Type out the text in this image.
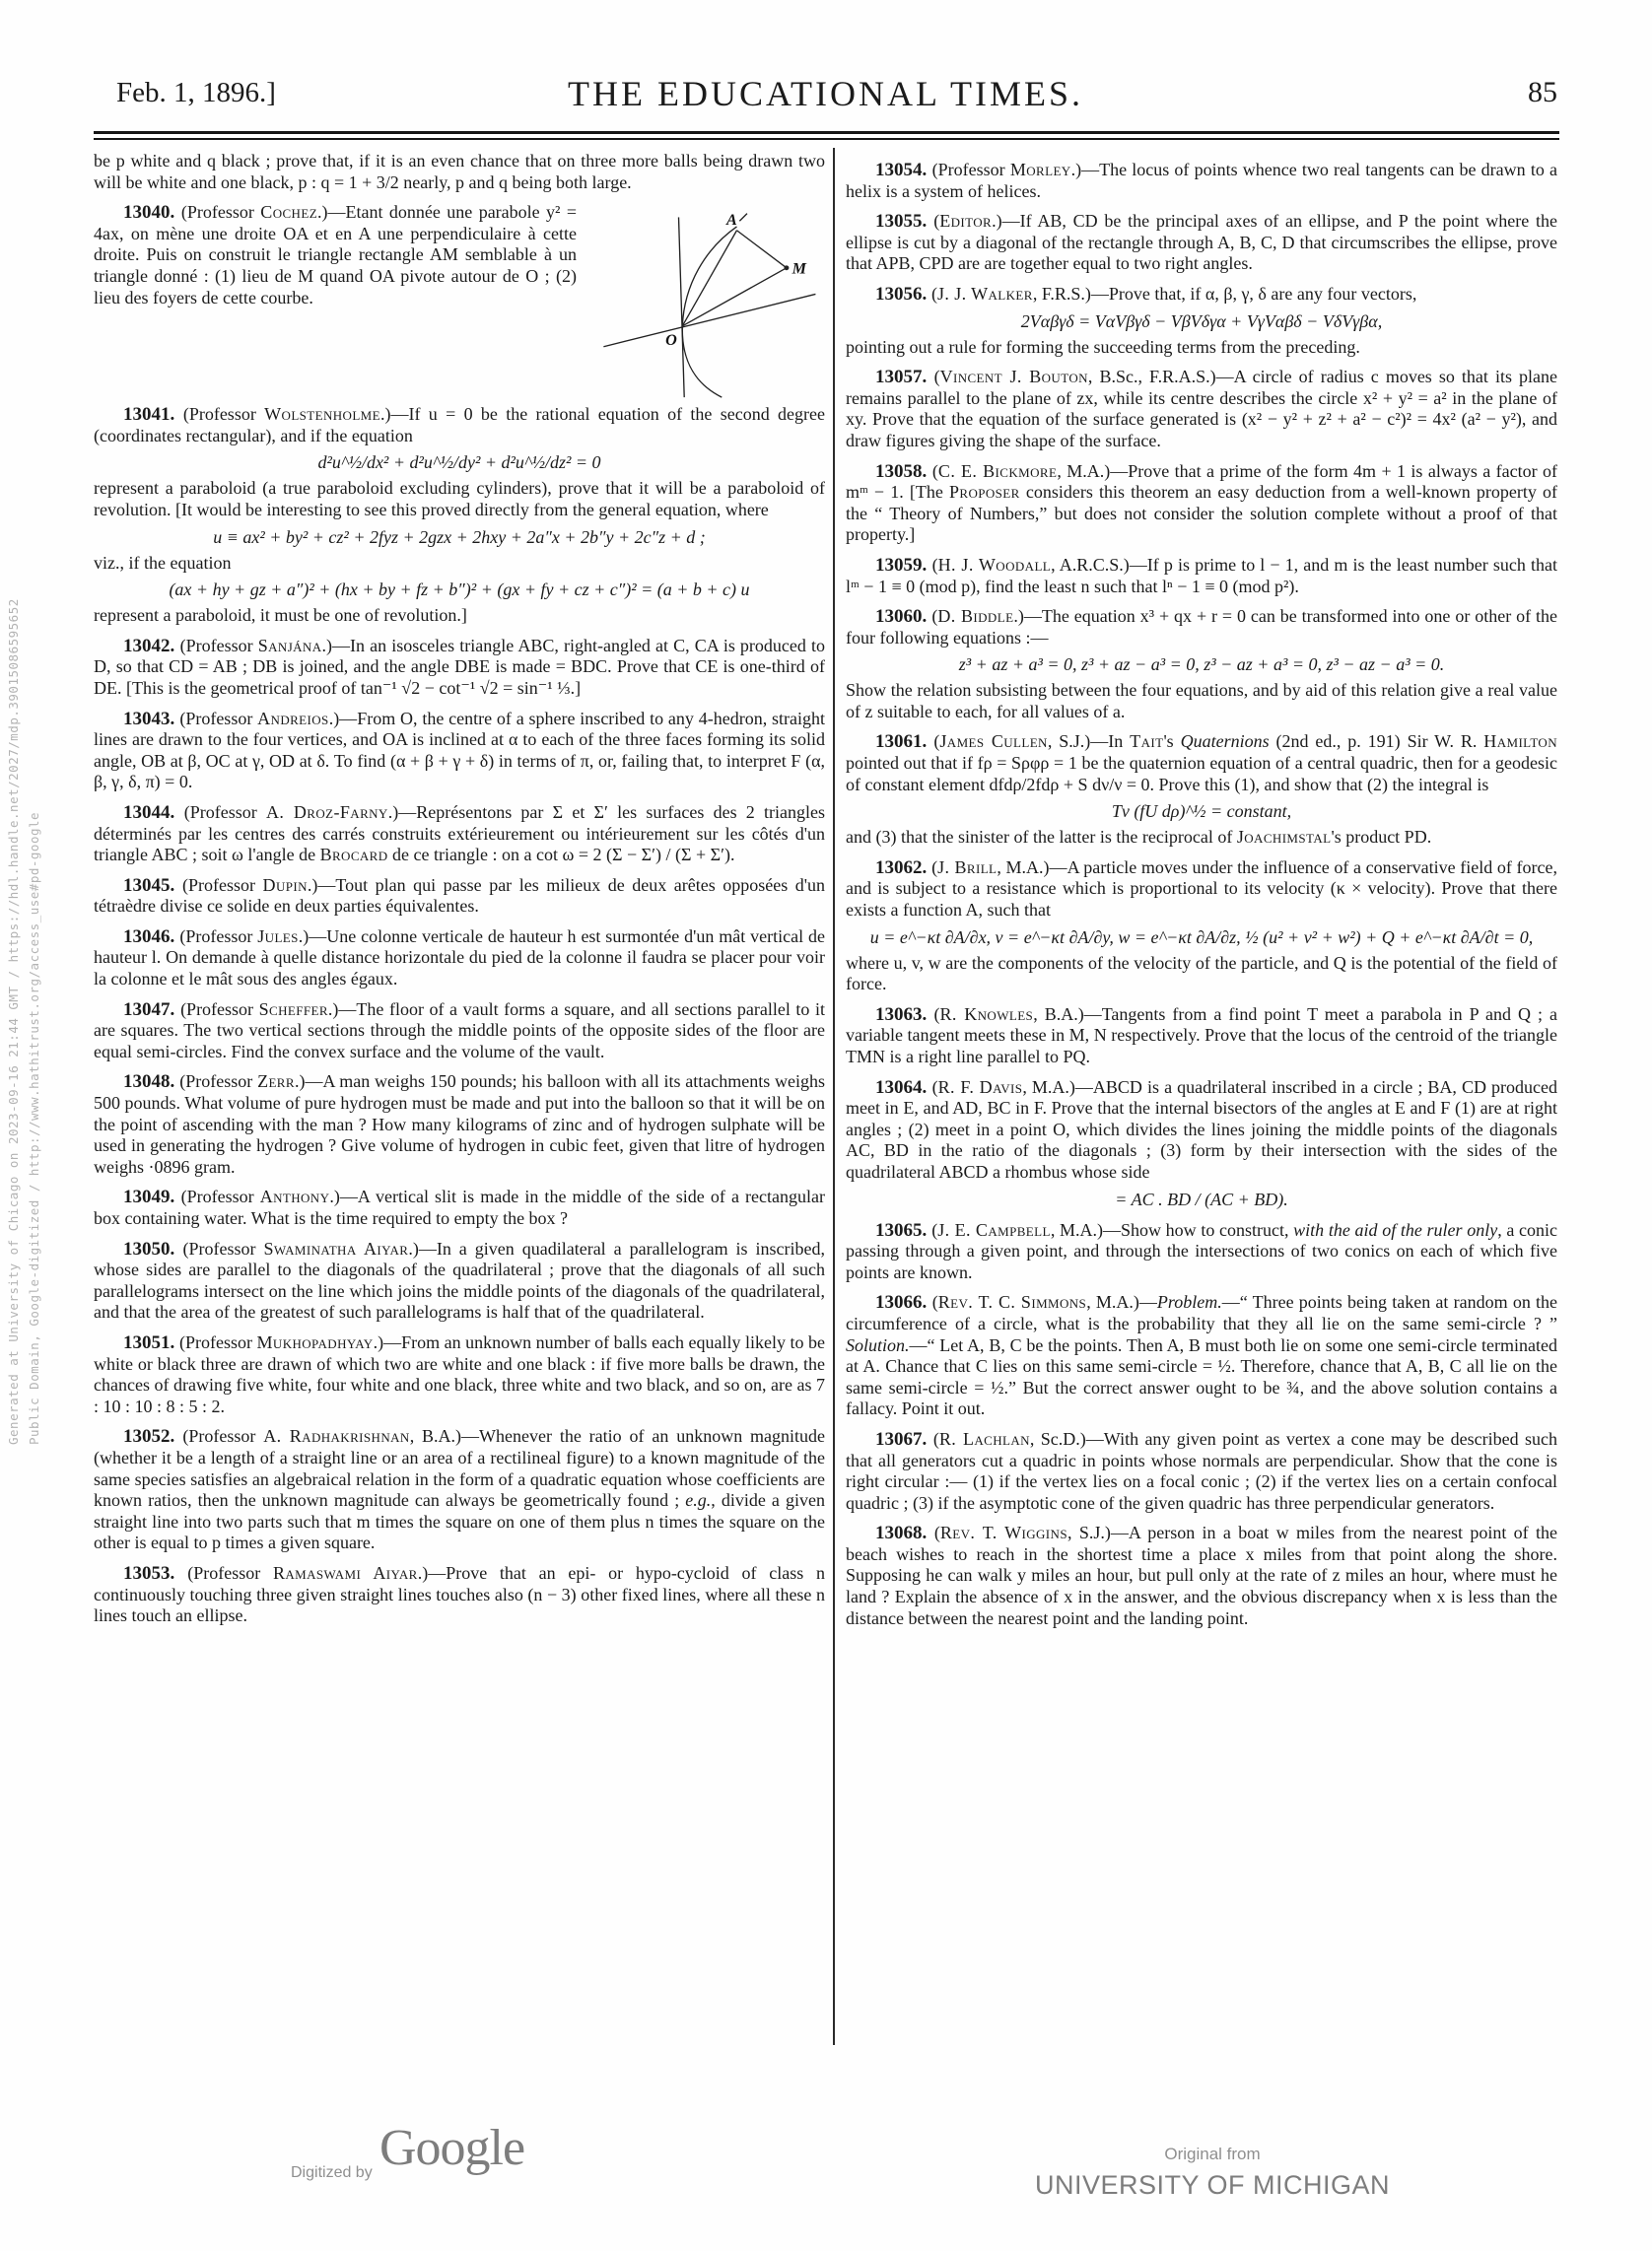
Generated at University of Chicago on 2023-09-16 21:44 GMT / https://hdl.handle.net/2027/mdp.39015086595652 Public Domain, Google-digitized / http://www.hathitrust.org/access_use#pd-google
Feb. 1, 1896.]	THE EDUCATIONAL TIMES.	85
be p white and q black ; prove that, if it is an even chance that on three more balls being drawn two will be white and one black, p : q = 1 + 3/2 nearly, p and q being both large.
A
M
O
13040. (Professor Cochez.)—Etant donnée une parabole y² = 4ax, on mène une droite OA et en A une perpendiculaire à cette droite. Puis on construit le triangle rectangle AM semblable à un triangle donné : (1) lieu de M quand OA pivote autour de O ; (2) lieu des foyers de cette courbe.
13041. (Professor Wolstenholme.)—If u = 0 be the rational equation of the second degree (coordinates rectangular), and if the equation
d²u^½/dx² + d²u^½/dy² + d²u^½/dz² = 0
represent a paraboloid (a true paraboloid excluding cylinders), prove that it will be a paraboloid of revolution. [It would be interesting to see this proved directly from the general equation, where
u ≡ ax² + by² + cz² + 2fyz + 2gzx + 2hxy + 2a″x + 2b″y + 2c″z + d ;
viz., if the equation
(ax + hy + gz + a″)² + (hx + by + fz + b″)² + (gx + fy + cz + c″)² = (a + b + c) u
represent a paraboloid, it must be one of revolution.]
13042. (Professor Sanjána.)—In an isosceles triangle ABC, right-angled at C, CA is produced to D, so that CD = AB ; DB is joined, and the angle DBE is made = BDC. Prove that CE is one-third of DE. [This is the geometrical proof of tan⁻¹ √2 − cot⁻¹ √2 = sin⁻¹ ⅓.]
13043. (Professor Andreios.)—From O, the centre of a sphere inscribed to any 4-hedron, straight lines are drawn to the four vertices, and OA is inclined at α to each of the three faces forming its solid angle, OB at β, OC at γ, OD at δ. To find (α + β + γ + δ) in terms of π, or, failing that, to interpret F (α, β, γ, δ, π) = 0.
13044. (Professor A. Droz-Farny.)—Représentons par Σ et Σ′ les surfaces des 2 triangles déterminés par les centres des carrés construits extérieurement ou intérieurement sur les côtés d'un triangle ABC ; soit ω l'angle de Brocard de ce triangle : on a cot ω = 2 (Σ − Σ′) / (Σ + Σ′).
13045. (Professor Dupin.)—Tout plan qui passe par les milieux de deux arêtes opposées d'un tétraèdre divise ce solide en deux parties équivalentes.
13046. (Professor Jules.)—Une colonne verticale de hauteur h est surmontée d'un mât vertical de hauteur l. On demande à quelle distance horizontale du pied de la colonne il faudra se placer pour voir la colonne et le mât sous des angles égaux.
13047. (Professor Scheffer.)—The floor of a vault forms a square, and all sections parallel to it are squares. The two vertical sections through the middle points of the opposite sides of the floor are equal semi-circles. Find the convex surface and the volume of the vault.
13048. (Professor Zerr.)—A man weighs 150 pounds; his balloon with all its attachments weighs 500 pounds. What volume of pure hydrogen must be made and put into the balloon so that it will be on the point of ascending with the man ? How many kilograms of zinc and of hydrogen sulphate will be used in generating the hydrogen ? Give volume of hydrogen in cubic feet, given that litre of hydrogen weighs ·0896 gram.
13049. (Professor Anthony.)—A vertical slit is made in the middle of the side of a rectangular box containing water. What is the time required to empty the box ?
13050. (Professor Swaminatha Aiyar.)—In a given quadilateral a parallelogram is inscribed, whose sides are parallel to the diagonals of the quadrilateral ; prove that the diagonals of all such parallelograms intersect on the line which joins the middle points of the diagonals of the quadrilateral, and that the area of the greatest of such parallelograms is half that of the quadrilateral.
13051. (Professor Mukhopadhyay.)—From an unknown number of balls each equally likely to be white or black three are drawn of which two are white and one black : if five more balls be drawn, the chances of drawing five white, four white and one black, three white and two black, and so on, are as 7 : 10 : 10 : 8 : 5 : 2.
13052. (Professor A. Radhakrishnan, B.A.)—Whenever the ratio of an unknown magnitude (whether it be a length of a straight line or an area of a rectilineal figure) to a known magnitude of the same species satisfies an algebraical relation in the form of a quadratic equation whose coefficients are known ratios, then the unknown magnitude can always be geometrically found ; e.g., divide a given straight line into two parts such that m times the square on one of them plus n times the square on the other is equal to p times a given square.
13053. (Professor Ramaswami Aiyar.)—Prove that an epi- or hypo-cycloid of class n continuously touching three given straight lines touches also (n − 3) other fixed lines, where all these n lines touch an ellipse.
13054. (Professor Morley.)—The locus of points whence two real tangents can be drawn to a helix is a system of helices.
13055. (Editor.)—If AB, CD be the principal axes of an ellipse, and P the point where the ellipse is cut by a diagonal of the rectangle through A, B, C, D that circumscribes the ellipse, prove that APB, CPD are are together equal to two right angles.
13056. (J. J. Walker, F.R.S.)—Prove that, if α, β, γ, δ are any four vectors,
2Vαβγδ = VαVβγδ − VβVδγα + VγVαβδ − VδVγβα,
pointing out a rule for forming the succeeding terms from the preceding.
13057. (Vincent J. Bouton, B.Sc., F.R.A.S.)—A circle of radius c moves so that its plane remains parallel to the plane of zx, while its centre describes the circle x² + y² = a² in the plane of xy. Prove that the equation of the surface generated is (x² − y² + z² + a² − c²)² = 4x² (a² − y²), and draw figures giving the shape of the surface.
13058. (C. E. Bickmore, M.A.)—Prove that a prime of the form 4m + 1 is always a factor of mᵐ − 1. [The Proposer considers this theorem an easy deduction from a well-known property of the “ Theory of Numbers,” but does not consider the solution complete without a proof of that property.]
13059. (H. J. Woodall, A.R.C.S.)—If p is prime to l − 1, and m is the least number such that lᵐ − 1 ≡ 0 (mod p), find the least n such that lⁿ − 1 ≡ 0 (mod p²).
13060. (D. Biddle.)—The equation x³ + qx + r = 0 can be transformed into one or other of the four following equations :—
z³ + az + a³ = 0, z³ + az − a³ = 0, z³ − az + a³ = 0, z³ − az − a³ = 0.
Show the relation subsisting between the four equations, and by aid of this relation give a real value of z suitable to each, for all values of a.
13061. (James Cullen, S.J.)—In Tait's Quaternions (2nd ed., p. 191) Sir W. R. Hamilton pointed out that if fρ = Sρφρ = 1 be the quaternion equation of a central quadric, then for a geodesic of constant element dfdρ/2fdρ + S dν/ν = 0. Prove this (1), and show that (2) the integral is
Tν (fU dρ)^½ = constant,
and (3) that the sinister of the latter is the reciprocal of Joachimstal's product PD.
13062. (J. Brill, M.A.)—A particle moves under the influence of a conservative field of force, and is subject to a resistance which is proportional to its velocity (κ × velocity). Prove that there exists a function A, such that
u = e^−κt ∂A/∂x, v = e^−κt ∂A/∂y, w = e^−κt ∂A/∂z, ½ (u² + v² + w²) + Q + e^−κt ∂A/∂t = 0,
where u, v, w are the components of the velocity of the particle, and Q is the potential of the field of force.
13063. (R. Knowles, B.A.)—Tangents from a find point T meet a parabola in P and Q ; a variable tangent meets these in M, N respectively. Prove that the locus of the centroid of the triangle TMN is a right line parallel to PQ.
13064. (R. F. Davis, M.A.)—ABCD is a quadrilateral inscribed in a circle ; BA, CD produced meet in E, and AD, BC in F. Prove that the internal bisectors of the angles at E and F (1) are at right angles ; (2) meet in a point O, which divides the lines joining the middle points of the diagonals AC, BD in the ratio of the diagonals ; (3) form by their intersection with the sides of the quadrilateral ABCD a rhombus whose side
= AC . BD / (AC + BD).
13065. (J. E. Campbell, M.A.)—Show how to construct, with the aid of the ruler only, a conic passing through a given point, and through the intersections of two conics on each of which five points are known.
13066. (Rev. T. C. Simmons, M.A.)—Problem.—“ Three points being taken at random on the circumference of a circle, what is the probability that they all lie on the same semi-circle ? ” Solution.—“ Let A, B, C be the points. Then A, B must both lie on some one semi-circle terminated at A. Chance that C lies on this same semi-circle = ½. Therefore, chance that A, B, C all lie on the same semi-circle = ½.” But the correct answer ought to be ¾, and the above solution contains a fallacy. Point it out.
13067. (R. Lachlan, Sc.D.)—With any given point as vertex a cone may be described such that all generators cut a quadric in points whose normals are perpendicular. Show that the cone is right circular :— (1) if the vertex lies on a focal conic ; (2) if the vertex lies on a certain confocal quadric ; (3) if the asymptotic cone of the given quadric has three perpendicular generators.
13068. (Rev. T. Wiggins, S.J.)—A person in a boat w miles from the nearest point of the beach wishes to reach in the shortest time a place x miles from that point along the shore. Supposing he can walk y miles an hour, but pull only at the rate of z miles an hour, where must he land ? Explain the absence of x in the answer, and the obvious discrepancy when x is less than the distance between the nearest point and the landing point.
Digitized by Google	Original from
UNIVERSITY OF MICHIGAN
